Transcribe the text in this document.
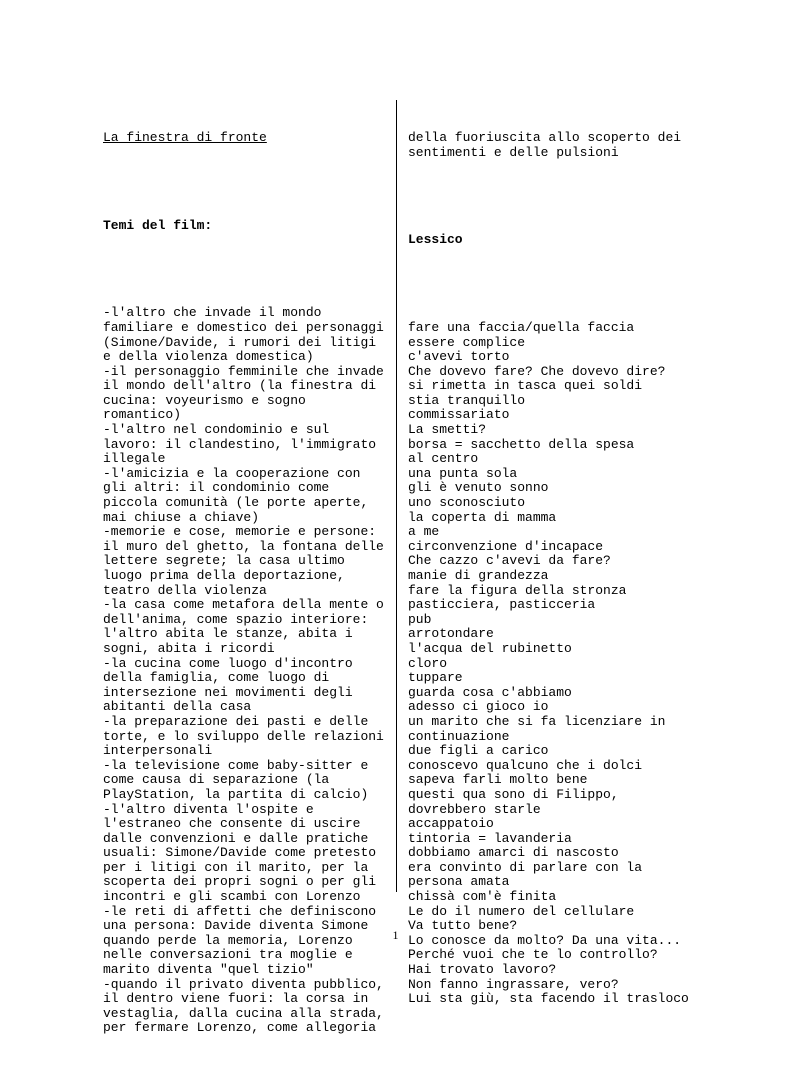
La finestra di fronte

Temi del film:

-l'altro che invade il mondo
familiare e domestico dei personaggi
(Simone/Davide, i rumori dei litigi
e della violenza domestica)
-il personaggio femminile che invade
il mondo dell'altro (la finestra di
cucina: voyeurismo e sogno
romantico)
-l'altro nel condominio e sul
lavoro: il clandestino, l'immigrato
illegale
-l'amicizia e la cooperazione con
gli altri: il condominio come
piccola comunità (le porte aperte,
mai chiuse a chiave)
-memorie e cose, memorie e persone:
il muro del ghetto, la fontana delle
lettere segrete; la casa ultimo
luogo prima della deportazione,
teatro della violenza
-la casa come metafora della mente o
dell'anima, come spazio interiore:
l'altro abita le stanze, abita i
sogni, abita i ricordi
-la cucina come luogo d'incontro
della famiglia, come luogo di
intersezione nei movimenti degli
abitanti della casa
-la preparazione dei pasti e delle
torte, e lo sviluppo delle relazioni
interpersonali
-la televisione come baby-sitter e
come causa di separazione (la
PlayStation, la partita di calcio)
-l'altro diventa l'ospite e
l'estraneo che consente di uscire
dalle convenzioni e dalle pratiche
usuali: Simone/Davide come pretesto
per i litigi con il marito, per la
scoperta dei propri sogni o per gli
incontri e gli scambi con Lorenzo
-le reti di affetti che definiscono
una persona: Davide diventa Simone
quando perde la memoria, Lorenzo
nelle conversazioni tra moglie e
marito diventa "quel tizio"
-quando il privato diventa pubblico,
il dentro viene fuori: la corsa in
vestaglia, dalla cucina alla strada,
per fermare Lorenzo, come allegoria

della fuoriuscita allo scoperto dei
sentimenti e delle pulsioni

Lessico

fare una faccia/quella faccia
essere complice
c'avevi torto
Che dovevo fare? Che dovevo dire?
si rimetta in tasca quei soldi
stia tranquillo
commissariato
La smetti?
borsa = sacchetto della spesa
al centro
una punta sola
gli è venuto sonno
uno sconosciuto
la coperta di mamma
a me
circonvenzione d'incapace
Che cazzo c'avevi da fare?
manie di grandezza
fare la figura della stronza
pasticciera, pasticceria
pub
arrotondare
l'acqua del rubinetto
cloro
tuppare
guarda cosa c'abbiamo
adesso ci gioco io
un marito che si fa licenziare in
continuazione
due figli a carico
conoscevo qualcuno che i dolci
sapeva farli molto bene
questi qua sono di Filippo,
dovrebbero starle
accappatoio
tintoria = lavanderia
dobbiamo amarci di nascosto
era convinto di parlare con la
persona amata
chissà com'è finita
Le do il numero del cellulare
Va tutto bene?
Lo conosce da molto? Da una vita...
Perché vuoi che te lo controllo?
Hai trovato lavoro?
Non fanno ingrassare, vero?
Lui sta giù, sta facendo il trasloco

1
